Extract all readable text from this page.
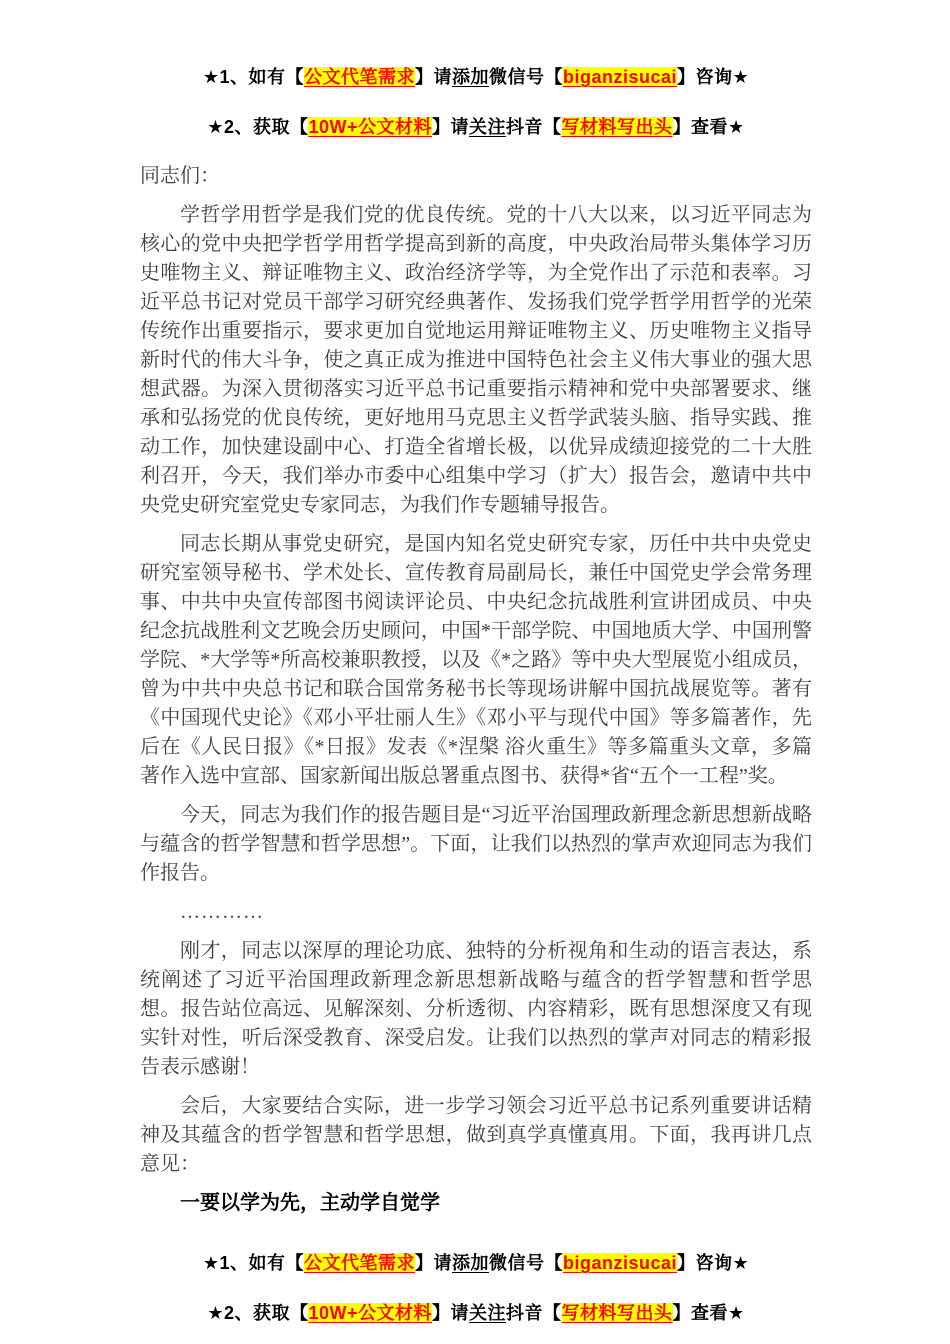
★1、如有【公文代笔需求】请添加微信号【biganzisucai】咨询★

★2、获取【10W+公文材料】请关注抖音【写材料写出头】查看★

同志们：

学哲学用哲学是我们党的优良传统。党的十八大以来，以习近平同志为核心的党中央把学哲学用哲学提高到新的高度，中央政治局带头集体学习历史唯物主义、辩证唯物主义、政治经济学等，为全党作出了示范和表率。习近平总书记对党员干部学习研究经典著作、发扬我们党学哲学用哲学的光荣传统作出重要指示，要求更加自觉地运用辩证唯物主义、历史唯物主义指导新时代的伟大斗争，使之真正成为推进中国特色社会主义伟大事业的强大思想武器。为深入贯彻落实习近平总书记重要指示精神和党中央部署要求、继承和弘扬党的优良传统，更好地用马克思主义哲学武装头脑、指导实践、推动工作，加快建设副中心、打造全省增长极，以优异成绩迎接党的二十大胜利召开，今天，我们举办市委中心组集中学习（扩大）报告会，邀请中共中央党史研究室党史专家同志，为我们作专题辅导报告。

同志长期从事党史研究，是国内知名党史研究专家，历任中共中央党史研究室领导秘书、学术处长、宣传教育局副局长，兼任中国党史学会常务理事、中共中央宣传部图书阅读评论员、中央纪念抗战胜利宣讲团成员、中央纪念抗战胜利文艺晚会历史顾问，中国*干部学院、中国地质大学、中国刑警学院、*大学等*所高校兼职教授，以及《*之路》等中央大型展览小组成员，曾为中共中央总书记和联合国常务秘书长等现场讲解中国抗战展览等。著有《中国现代史论》《邓小平壮丽人生》《邓小平与现代中国》等多篇著作，先后在《人民日报》《*日报》发表《*涅槃 浴火重生》等多篇重头文章，多篇著作入选中宣部、国家新闻出版总署重点图书、获得*省“五个一工程”奖。

今天，同志为我们作的报告题目是“习近平治国理政新理念新思想新战略与蕴含的哲学智慧和哲学思想”。下面，让我们以热烈的掌声欢迎同志为我们作报告。

…………

刚才，同志以深厚的理论功底、独特的分析视角和生动的语言表达，系统阐述了习近平治国理政新理念新思想新战略与蕴含的哲学智慧和哲学思想。报告站位高远、见解深刻、分析透彻、内容精彩，既有思想深度又有现实针对性，听后深受教育、深受启发。让我们以热烈的掌声对同志的精彩报告表示感谢！

会后，大家要结合实际，进一步学习领会习近平总书记系列重要讲话精神及其蕴含的哲学智慧和哲学思想，做到真学真懂真用。下面，我再讲几点意见：

一要以学为先，主动学自觉学

★1、如有【公文代笔需求】请添加微信号【biganzisucai】咨询★

★2、获取【10W+公文材料】请关注抖音【写材料写出头】查看★
